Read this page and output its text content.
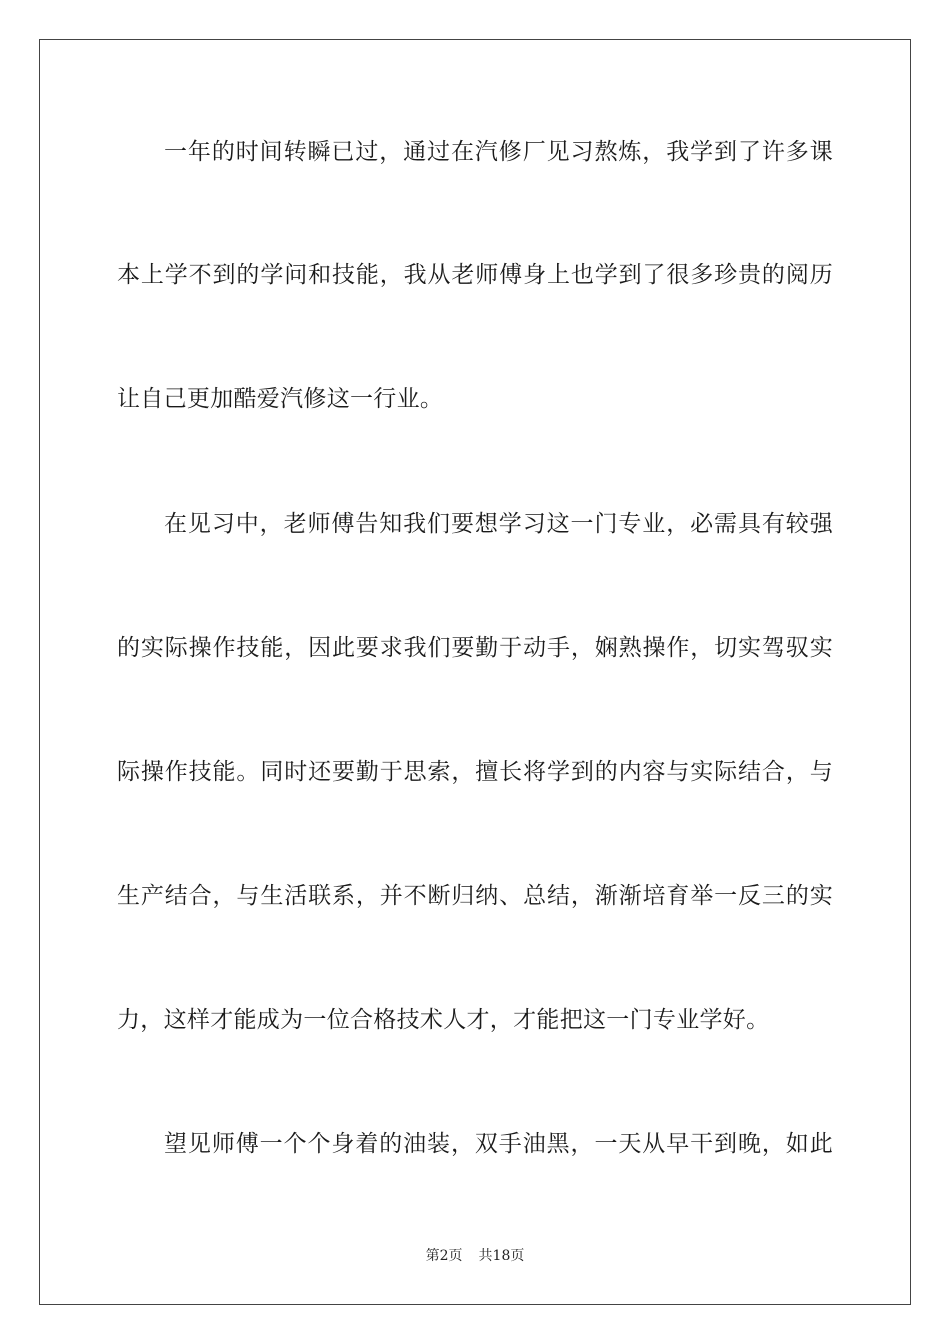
一年的时间转瞬已过，通过在汽修厂见习熬炼，我学到了许多课
本上学不到的学问和技能，我从老师傅身上也学到了很多珍贵的阅历
让自己更加酷爱汽修这一行业。
在见习中，老师傅告知我们要想学习这一门专业，必需具有较强
的实际操作技能，因此要求我们要勤于动手，娴熟操作，切实驾驭实
际操作技能。同时还要勤于思索，擅长将学到的内容与实际结合，与
生产结合，与生活联系，并不断归纳、总结，渐渐培育举一反三的实
力，这样才能成为一位合格技术人才，才能把这一门专业学好。
望见师傅一个个身着的油装，双手油黑，一天从早干到晚，如此
第2页 共18页
